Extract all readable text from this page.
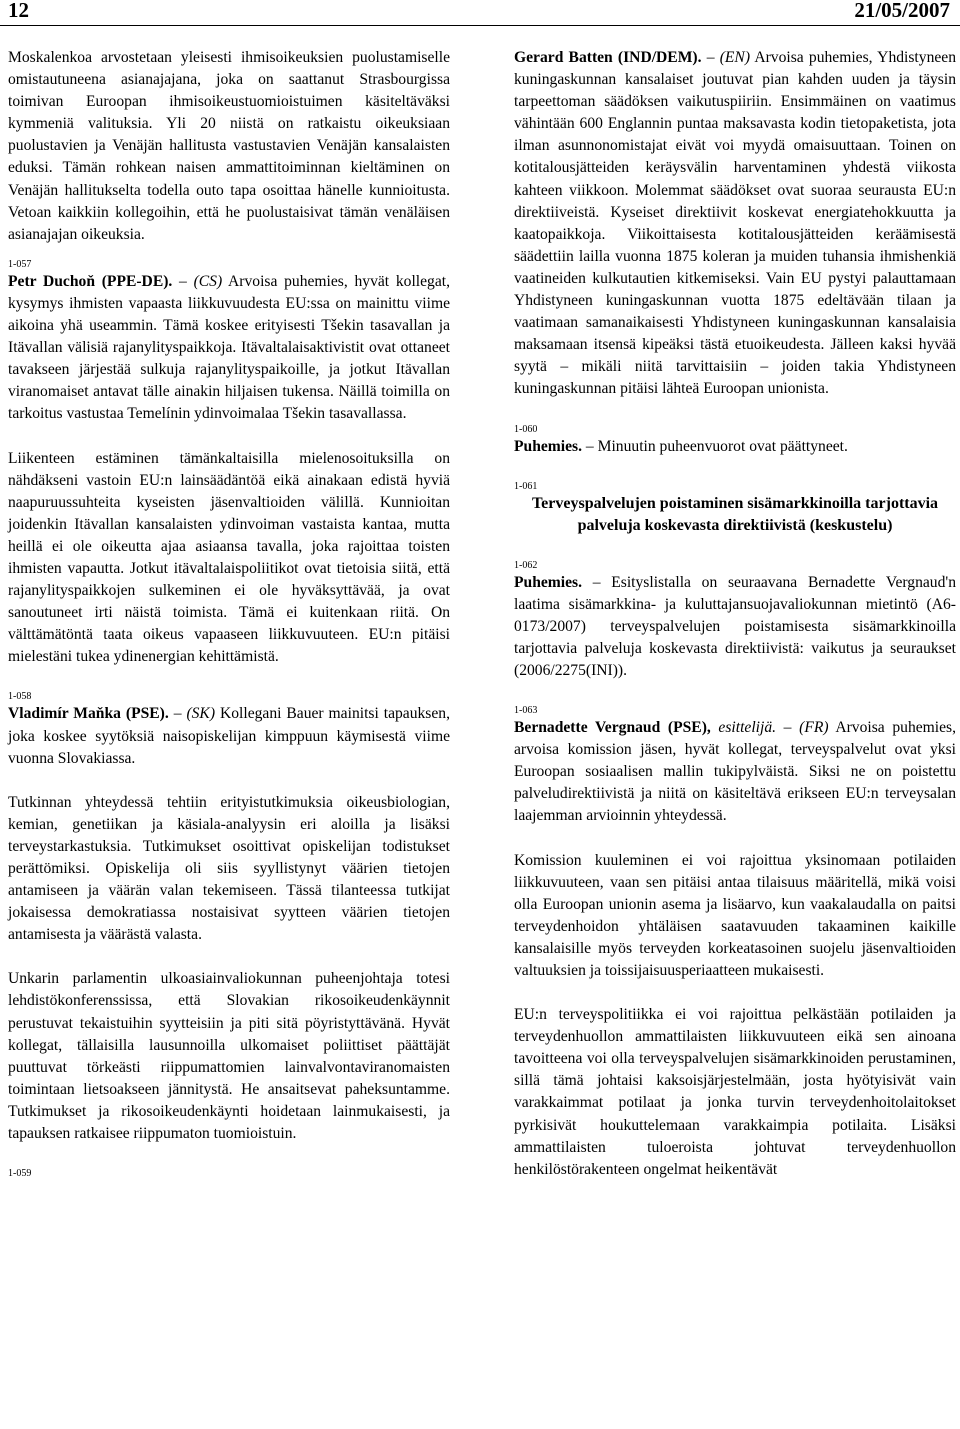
12	21/05/2007

Moskalenkoa arvostetaan yleisesti ihmisoikeuksien puolustamiselle omistautuneena asianajajana, joka on saattanut Strasbourgissa toimivan Euroopan ihmisoikeustuomioistuimen käsiteltäväksi kymmeniä valituksia. Yli 20 niistä on ratkaistu oikeuksiaan puolustavien ja Venäjän hallitusta vastustavien Venäjän kansalaisten eduksi. Tämän rohkean naisen ammattitoiminnan kieltäminen on Venäjän hallitukselta todella outo tapa osoittaa hänelle kunnioitusta. Vetoan kaikkiin kollegoihin, että he puolustaisivat tämän venäläisen asianajajan oikeuksia.

1-057

Petr Duchoň (PPE-DE). – (CS) Arvoisa puhemies, hyvät kollegat, kysymys ihmisten vapaasta liikkuvuudesta EU:ssa on mainittu viime aikoina yhä useammin. Tämä koskee erityisesti Tšekin tasavallan ja Itävallan välisiä rajanylityspaikkoja. Itävaltalaisaktivistit ovat ottaneet tavakseen järjestää sulkuja rajanylityspaikoille, ja jotkut Itävallan viranomaiset antavat tälle ainakin hiljaisen tukensa. Näillä toimilla on tarkoitus vastustaa Temelínin ydinvoimalaa Tšekin tasavallassa.

Liikenteen estäminen tämänkaltaisilla mielenosoituksilla on nähdäkseni vastoin EU:n lainsäädäntöä eikä ainakaan edistä hyviä naapuruussuhteita kyseisten jäsenvaltioiden välillä. Kunnioitan joidenkin Itävallan kansalaisten ydinvoiman vastaista kantaa, mutta heillä ei ole oikeutta ajaa asiaansa tavalla, joka rajoittaa toisten ihmisten vapautta. Jotkut itävaltalaispoliitikot ovat tietoisia siitä, että rajanylityspaikkojen sulkeminen ei ole hyväksyttävää, ja ovat sanoutuneet irti näistä toimista. Tämä ei kuitenkaan riitä. On välttämätöntä taata oikeus vapaaseen liikkuvuuteen. EU:n pitäisi mielestäni tukea ydinenergian kehittämistä.

1-058

Vladimír Maňka (PSE). – (SK) Kollegani Bauer mainitsi tapauksen, joka koskee syytöksiä naisopiskelijan kimppuun käymisestä viime vuonna Slovakiassa.

Tutkinnan yhteydessä tehtiin erityistutkimuksia oikeusbiologian, kemian, genetiikan ja käsiala-analyysin eri aloilla ja lisäksi terveystarkastuksia. Tutkimukset osoittivat opiskelijan todistukset perättömiksi. Opiskelija oli siis syyllistynyt väärien tietojen antamiseen ja väärän valan tekemiseen. Tässä tilanteessa tutkijat jokaisessa demokratiassa nostaisivat syytteen väärien tietojen antamisesta ja väärästä valasta.

Unkarin parlamentin ulkoasiainvaliokunnan puheenjohtaja totesi lehdistökonferenssissa, että Slovakian rikosoikeudenkäynnit perustuvat tekaistuihin syytteisiin ja piti sitä pöyristyttävänä. Hyvät kollegat, tällaisilla lausunnoilla ulkomaiset poliittiset päättäjät puuttuvat törkeästi riippumattomien lainvalvontaviranomaisten toimintaan lietsoakseen jännitystä. He ansaitsevat paheksuntamme. Tutkimukset ja rikosoikeudenkäynti hoidetaan lainmukaisesti, ja tapauksen ratkaisee riippumaton tuomioistuin.

1-059

Gerard Batten (IND/DEM). – (EN) Arvoisa puhemies, Yhdistyneen kuningaskunnan kansalaiset joutuvat pian kahden uuden ja täysin tarpeettoman säädöksen vaikutuspiiriin. Ensimmäinen on vaatimus vähintään 600 Englannin puntaa maksavasta kodin tietopaketista, jota ilman asunnonomistajat eivät voi myydä omaisuuttaan. Toinen on kotitalousjätteiden keräysvälin harventaminen yhdestä viikosta kahteen viikkoon. Molemmat säädökset ovat suoraa seurausta EU:n direktiiveistä. Kyseiset direktiivit koskevat energiatehokkuutta ja kaatopaikkoja. Viikoittaisesta kotitalousjätteiden keräämisestä säädettiin lailla vuonna 1875 koleran ja muiden tuhansia ihmishenkiä vaatineiden kulkutautien kitkemiseksi. Vain EU pystyi palauttamaan Yhdistyneen kuningaskunnan vuotta 1875 edeltävään tilaan ja vaatimaan samanaikaisesti Yhdistyneen kuningaskunnan kansalaisia maksamaan itsensä kipeäksi tästä etuoikeudesta. Jälleen kaksi hyvää syytä – mikäli niitä tarvittaisiin – joiden takia Yhdistyneen kuningaskunnan pitäisi lähteä Euroopan unionista.

1-060

Puhemies. – Minuutin puheenvuorot ovat päättyneet.

1-061

Terveyspalvelujen poistaminen sisämarkkinoilla tarjottavia palveluja koskevasta direktiivistä (keskustelu)

1-062

Puhemies. – Esityslistalla on seuraavana Bernadette Vergnaud'n laatima sisämarkkina- ja kuluttajansuojavaliokunnan mietintö (A6-0173/2007) terveyspalvelujen poistamisesta sisämarkkinoilla tarjottavia palveluja koskevasta direktiivistä: vaikutus ja seuraukset (2006/2275(INI)).

1-063

Bernadette Vergnaud (PSE), esittelijä. – (FR) Arvoisa puhemies, arvoisa komission jäsen, hyvät kollegat, terveyspalvelut ovat yksi Euroopan sosiaalisen mallin tukipylväistä. Siksi ne on poistettu palveludirektiivistä ja niitä on käsiteltävä erikseen EU:n terveysalan laajemman arvioinnin yhteydessä.

Komission kuuleminen ei voi rajoittua yksinomaan potilaiden liikkuvuuteen, vaan sen pitäisi antaa tilaisuus määritellä, mikä voisi olla Euroopan unionin asema ja lisäarvo, kun vaakalaudalla on paitsi terveydenhoidon yhtäläisen saatavuuden takaaminen kaikille kansalaisille myös terveyden korkeatasoinen suojelu jäsenvaltioiden valtuuksien ja toissijaisuusperiaatteen mukaisesti.

EU:n terveyspolitiikka ei voi rajoittua pelkästään potilaiden ja terveydenhuollon ammattilaisten liikkuvuuteen eikä sen ainoana tavoitteena voi olla terveyspalvelujen sisämarkkinoiden perustaminen, sillä tämä johtaisi kaksoisjärjestelmään, josta hyötyisivät vain varakkaimmat potilaat ja jonka turvin terveydenhoitolaitokset pyrkisivät houkuttelemaan varakkaimpia potilaita. Lisäksi ammattilaisten tuloeroista johtuvat terveydenhuollon henkilöstörakenteen ongelmat heikentävät
